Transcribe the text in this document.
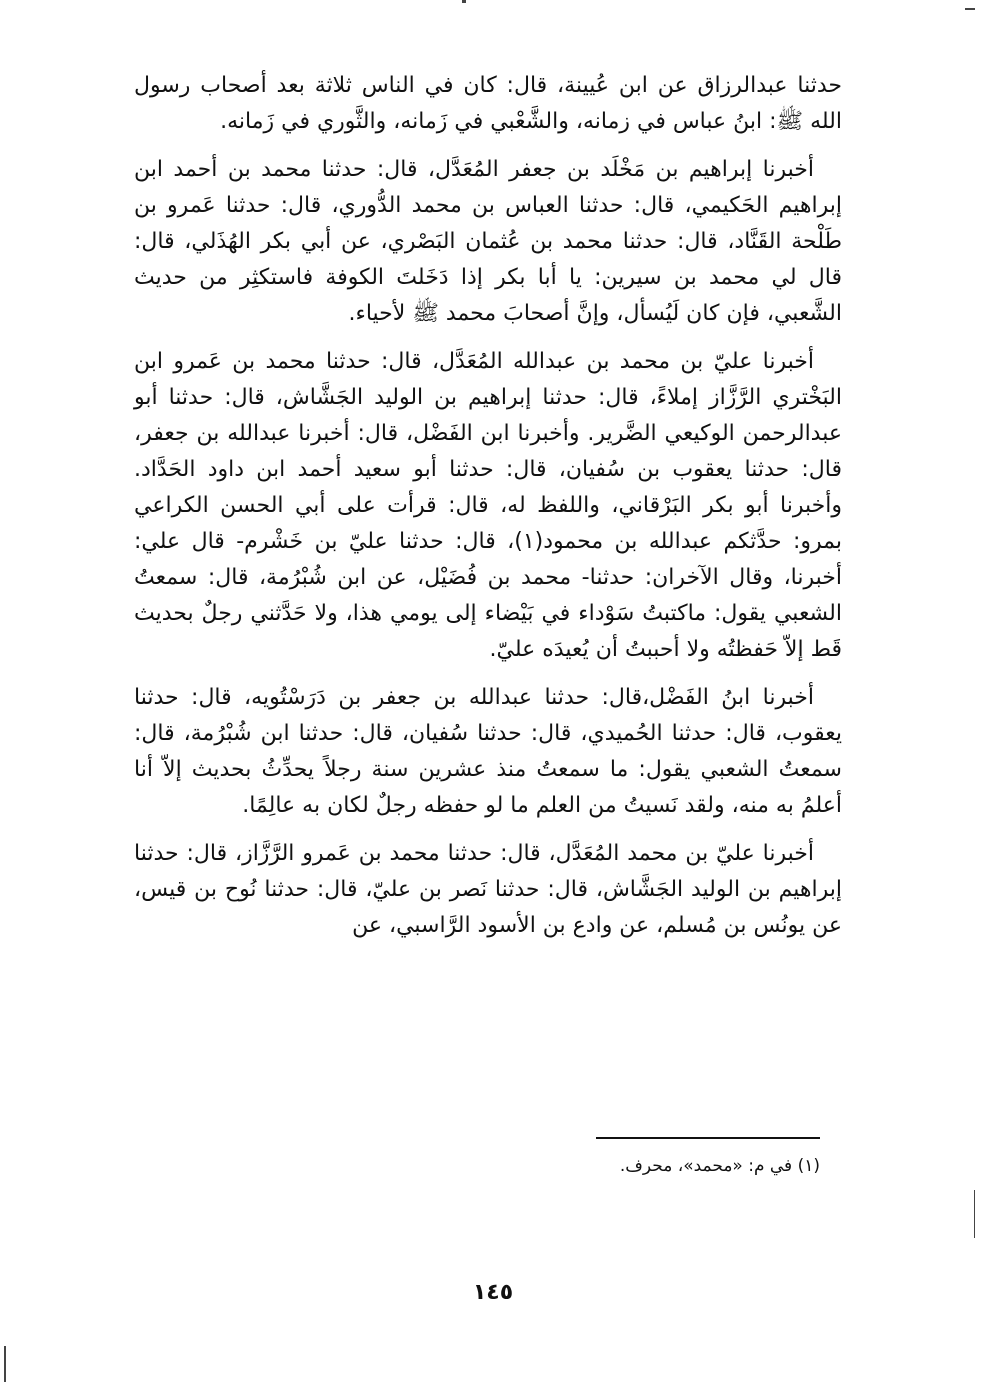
حدثنا عبدالرزاق عن ابن عُيينة، قال: كان في الناس ثلاثة بعد أصحاب رسول الله ﷺ: ابنُ عباس في زمانه، والشَّعْبي في زَمانه، والثَّوري في زَمانه.

أخبرنا إبراهيم بن مَخْلَد بن جعفر المُعَدَّل، قال: حدثنا محمد بن أحمد ابن إبراهيم الحَكيمي، قال: حدثنا العباس بن محمد الدُّوري، قال: حدثنا عَمرو بن طَلْحة القَنَّاد، قال: حدثنا محمد بن عُثمان البَصْري، عن أبي بكر الهُذَلي، قال: قال لي محمد بن سيرين: يا أبا بكر إذا دَخَلتَ الكوفة فاستكثِر من حديث الشَّعبي، فإن كان لَيُسأل، وإنَّ أصحابَ محمد ﷺ لأحياء.

أخبرنا عليّ بن محمد بن عبدالله المُعَدَّل، قال: حدثنا محمد بن عَمرو ابن البَخْتري الرَّزَّاز إملاءً، قال: حدثنا إبراهيم بن الوليد الجَشَّاش، قال: حدثنا أبو عبدالرحمن الوكيعي الضَّرير. وأخبرنا ابن الفَضْل، قال: أخبرنا عبدالله بن جعفر، قال: حدثنا يعقوب بن سُفيان، قال: حدثنا أبو سعيد أحمد ابن داود الحَدَّاد. وأخبرنا أبو بكر البَرْقاني، واللفظ له، قال: قرأت على أبي الحسن الكراعي بمرو: حدَّثكم عبدالله بن محمود(١)، قال: حدثنا عليّ بن خَشْرم- قال علي: أخبرنا، وقال الآخران: حدثنا- محمد بن فُضَيْل، عن ابن شُبْرُمة، قال: سمعتُ الشعبي يقول: ماكتبتُ سَوْداء في بَيْضاء إلى يومي هذا، ولا حَدَّثني رجلٌ بحديث قَط إلاّ حَفظتُه ولا أحببتُ أن يُعيدَه عليّ.

أخبرنا ابنُ الفَضْل،قال: حدثنا عبدالله بن جعفر بن دَرَسْتُويه، قال: حدثنا يعقوب، قال: حدثنا الحُميدي، قال: حدثنا سُفيان، قال: حدثنا ابن شُبْرُمة، قال: سمعتُ الشعبي يقول: ما سمعتُ منذ عشرين سنة رجلاً يحدِّثُ بحديث إلاّ أنا أعلمُ به منه، ولقد نَسيتُ من العلم ما لو حفظه رجلٌ لكان به عالِمًا.

أخبرنا عليّ بن محمد المُعَدَّل، قال: حدثنا محمد بن عَمرو الرَّزَّاز، قال: حدثنا إبراهيم بن الوليد الجَشَّاش، قال: حدثنا نَصر بن عليّ، قال: حدثنا نُوح بن قيس، عن يونُس بن مُسلم، عن وادع بن الأسود الرَّاسبي، عن

(١) في م: «محمد»، محرف.
١٤٥
